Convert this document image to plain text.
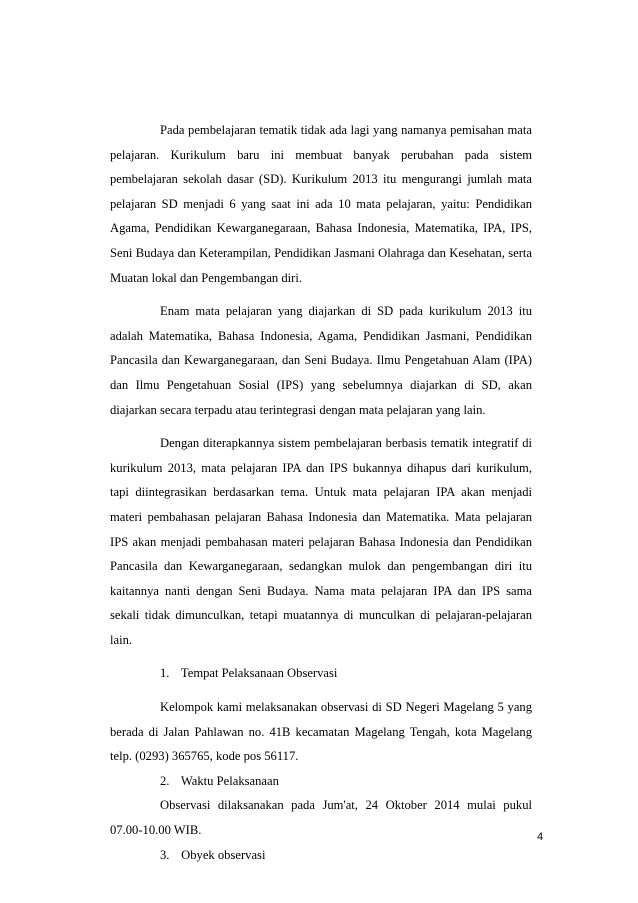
Pada pembelajaran tematik tidak ada lagi yang namanya pemisahan mata pelajaran. Kurikulum baru ini membuat banyak perubahan pada sistem pembelajaran sekolah dasar (SD). Kurikulum 2013 itu mengurangi jumlah mata pelajaran SD menjadi 6 yang saat ini ada 10 mata pelajaran, yaitu: Pendidikan Agama, Pendidikan Kewarganegaraan, Bahasa Indonesia, Matematika, IPA, IPS, Seni Budaya dan Keterampilan, Pendidikan Jasmani Olahraga dan Kesehatan, serta Muatan lokal dan Pengembangan diri.

Enam mata pelajaran yang diajarkan di SD pada kurikulum 2013 itu adalah Matematika, Bahasa Indonesia, Agama, Pendidikan Jasmani, Pendidikan Pancasila dan Kewarganegaraan, dan Seni Budaya. Ilmu Pengetahuan Alam (IPA) dan Ilmu Pengetahuan Sosial (IPS) yang sebelumnya diajarkan di SD, akan diajarkan secara terpadu atau terintegrasi dengan mata pelajaran yang lain.

Dengan diterapkannya sistem pembelajaran berbasis tematik integratif di kurikulum 2013, mata pelajaran IPA dan IPS bukannya dihapus dari kurikulum, tapi diintegrasikan berdasarkan tema. Untuk mata pelajaran IPA akan menjadi materi pembahasan pelajaran Bahasa Indonesia dan Matematika. Mata pelajaran IPS akan menjadi pembahasan materi pelajaran Bahasa Indonesia dan Pendidikan Pancasila dan Kewarganegaraan, sedangkan mulok dan pengembangan diri itu kaitannya nanti dengan Seni Budaya. Nama mata pelajaran IPA dan IPS sama sekali tidak dimunculkan, tetapi muatannya di munculkan di pelajaran-pelajaran lain.

1. Tempat Pelaksanaan Observasi

Kelompok kami melaksanakan observasi di SD Negeri Magelang 5 yang berada di Jalan Pahlawan no. 41B kecamatan Magelang Tengah, kota Magelang telp. (0293) 365765, kode pos 56117.

2. Waktu Pelaksanaan

Observasi dilaksanakan pada Jum'at, 24 Oktober 2014 mulai pukul 07.00-10.00 WIB.

3. Obyek observasi
4
